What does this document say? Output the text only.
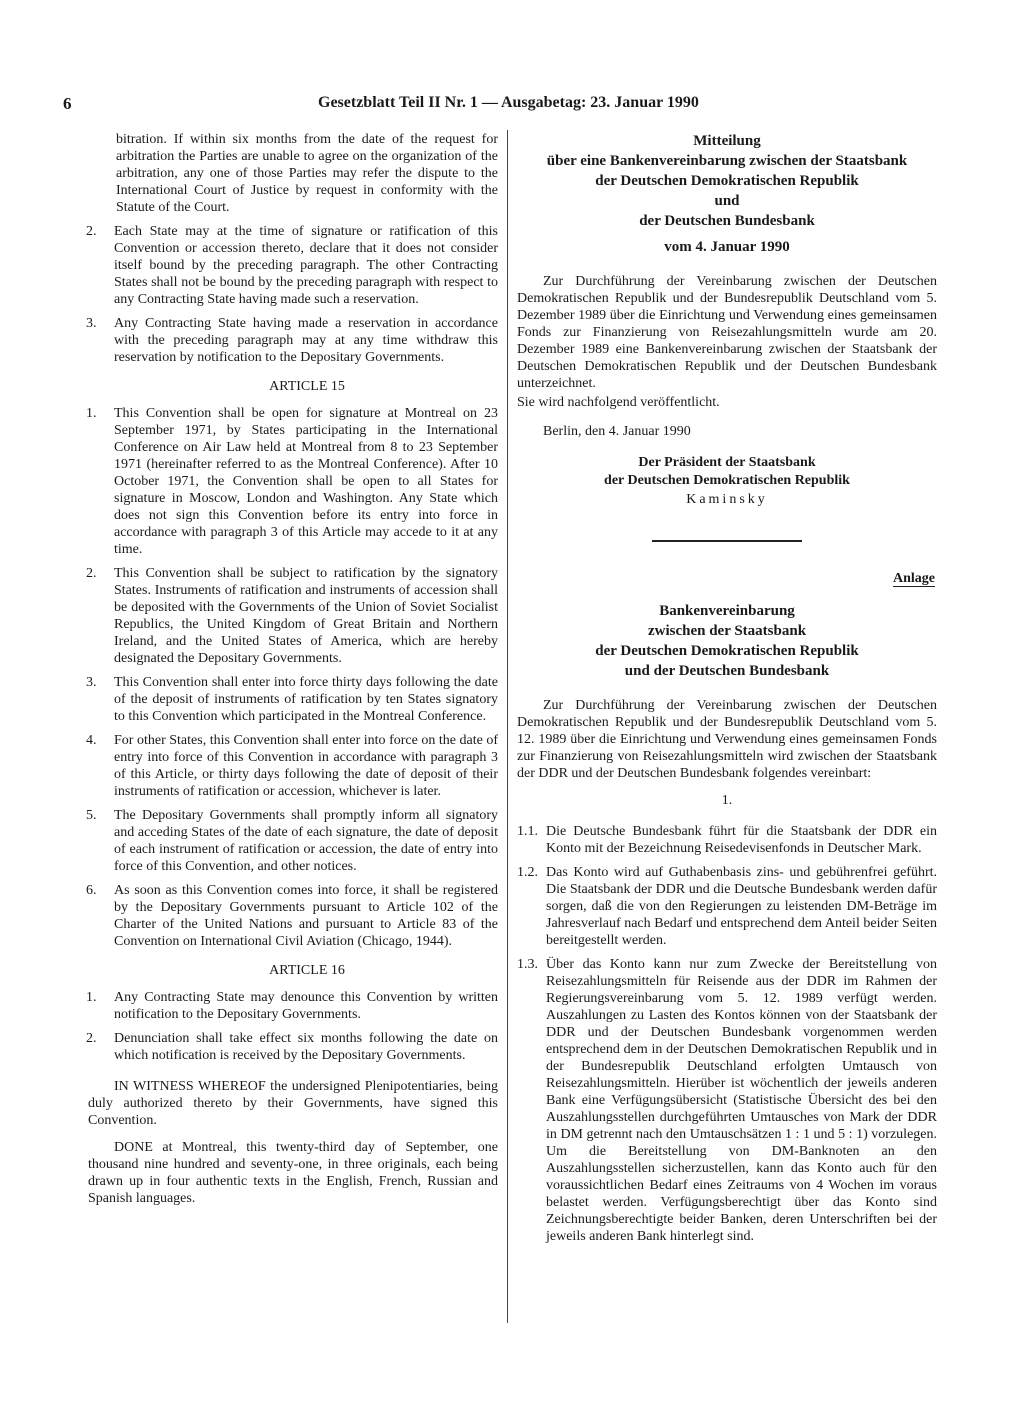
6	Gesetzblatt Teil II Nr. 1 — Ausgabetag: 23. Januar 1990

bitration. If within six months from the date of the request for arbitration the Parties are unable to agree on the organization of the arbitration, any one of those Parties may refer the dispute to the International Court of Justice by request in conformity with the Statute of the Court.

2.	Each State may at the time of signature or ratification of this Convention or accession thereto, declare that it does not consider itself bound by the preceding paragraph. The other Contracting States shall not be bound by the preceding paragraph with respect to any Contracting State having made such a reservation.
3.	Any Contracting State having made a reservation in accordance with the preceding paragraph may at any time withdraw this reservation by notification to the Depositary Governments.
ARTICLE 15
1.	This Convention shall be open for signature at Montreal on 23 September 1971, by States participating in the International Conference on Air Law held at Montreal from 8 to 23 September 1971 (hereinafter referred to as the Montreal Conference). After 10 October 1971, the Convention shall be open to all States for signature in Moscow, London and Washington. Any State which does not sign this Convention before its entry into force in accordance with paragraph 3 of this Article may accede to it at any time.
2.	This Convention shall be subject to ratification by the signatory States. Instruments of ratification and instruments of accession shall be deposited with the Governments of the Union of Soviet Socialist Republics, the United Kingdom of Great Britain and Northern Ireland, and the United States of America, which are hereby designated the Depositary Governments.
3.	This Convention shall enter into force thirty days following the date of the deposit of instruments of ratification by ten States signatory to this Convention which participated in the Montreal Conference.
4.	For other States, this Convention shall enter into force on the date of entry into force of this Convention in accordance with paragraph 3 of this Article, or thirty days following the date of deposit of their instruments of ratification or accession, whichever is later.
5.	The Depositary Governments shall promptly inform all signatory and acceding States of the date of each signature, the date of deposit of each instrument of ratification or accession, the date of entry into force of this Convention, and other notices.
6.	As soon as this Convention comes into force, it shall be registered by the Depositary Governments pursuant to Article 102 of the Charter of the United Nations and pursuant to Article 83 of the Convention on International Civil Aviation (Chicago, 1944).
ARTICLE 16
1.	Any Contracting State may denounce this Convention by written notification to the Depositary Governments.
2.	Denunciation shall take effect six months following the date on which notification is received by the Depositary Governments.

IN WITNESS WHEREOF the undersigned Plenipotentiaries, being duly authorized thereto by their Governments, have signed this Convention.

DONE at Montreal, this twenty-third day of September, one thousand nine hundred and seventy-one, in three originals, each being drawn up in four authentic texts in the English, French, Russian and Spanish languages.

Mitteilung
über eine Bankenvereinbarung zwischen der Staatsbank
der Deutschen Demokratischen Republik
und
der Deutschen Bundesbank
vom 4. Januar 1990

Zur Durchführung der Vereinbarung zwischen der Deutschen Demokratischen Republik und der Bundesrepublik Deutschland vom 5. Dezember 1989 über die Einrichtung und Verwendung eines gemeinsamen Fonds zur Finanzierung von Reisezahlungsmitteln wurde am 20. Dezember 1989 eine Bankenvereinbarung zwischen der Staatsbank der Deutschen Demokratischen Republik und der Deutschen Bundesbank unterzeichnet.

Sie wird nachfolgend veröffentlicht.

Berlin, den 4. Januar 1990

Der Präsident der Staatsbank
der Deutschen Demokratischen Republik
Kaminsky
Anlage
Bankenvereinbarung
zwischen der Staatsbank
der Deutschen Demokratischen Republik
und der Deutschen Bundesbank

Zur Durchführung der Vereinbarung zwischen der Deutschen Demokratischen Republik und der Bundesrepublik Deutschland vom 5. 12. 1989 über die Einrichtung und Verwendung eines gemeinsamen Fonds zur Finanzierung von Reisezahlungsmitteln wird zwischen der Staatsbank der DDR und der Deutschen Bundesbank folgendes vereinbart:

1.
1.1. Die Deutsche Bundesbank führt für die Staatsbank der DDR ein Konto mit der Bezeichnung Reisedevisenfonds in Deutscher Mark.
1.2. Das Konto wird auf Guthabenbasis zins- und gebührenfrei geführt. Die Staatsbank der DDR und die Deutsche Bundesbank werden dafür sorgen, daß die von den Regierungen zu leistenden DM-Beträge im Jahresverlauf nach Bedarf und entsprechend dem Anteil beider Seiten bereitgestellt werden.
1.3. Über das Konto kann nur zum Zwecke der Bereitstellung von Reisezahlungsmitteln für Reisende aus der DDR im Rahmen der Regierungsvereinbarung vom 5. 12. 1989 verfügt werden. Auszahlungen zu Lasten des Kontos können von der Staatsbank der DDR und der Deutschen Bundesbank vorgenommen werden entsprechend dem in der Deutschen Demokratischen Republik und in der Bundesrepublik Deutschland erfolgten Umtausch von Reisezahlungsmitteln. Hierüber ist wöchentlich der jeweils anderen Bank eine Verfügungsübersicht (Statistische Übersicht des bei den Auszahlungsstellen durchgeführten Umtausches von Mark der DDR in DM getrennt nach den Umtauschsätzen 1 : 1 und 5 : 1) vorzulegen. Um die Bereitstellung von DM-Banknoten an den Auszahlungsstellen sicherzustellen, kann das Konto auch für den voraussichtlichen Bedarf eines Zeitraums von 4 Wochen im voraus belastet werden. Verfügungsberechtigt über das Konto sind Zeichnungsberechtigte beider Banken, deren Unterschriften bei der jeweils anderen Bank hinterlegt sind.
